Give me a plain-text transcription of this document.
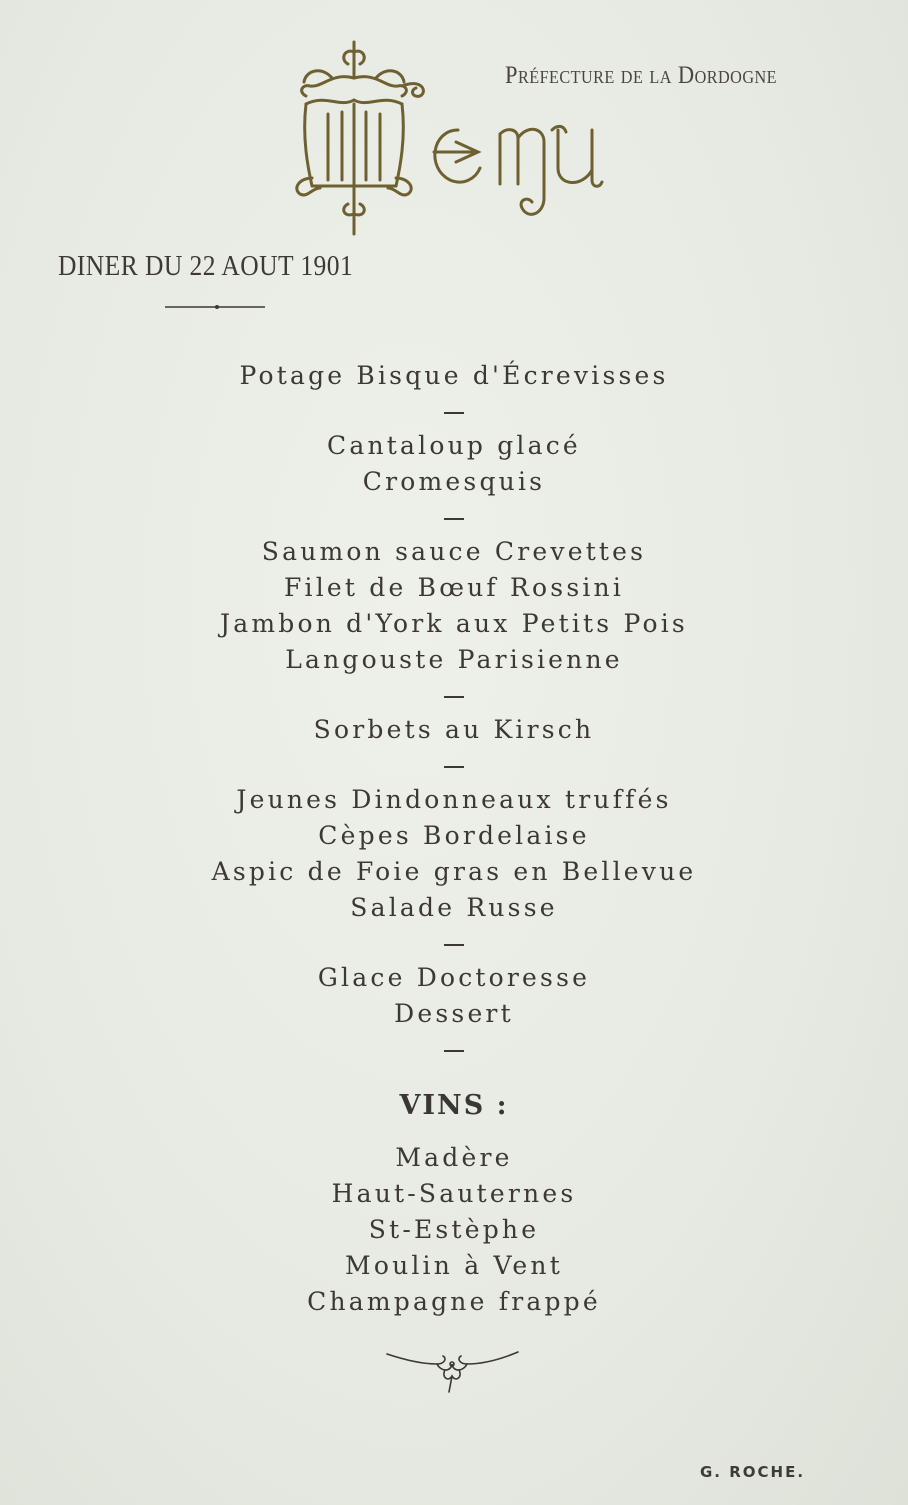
Préfecture de la Dordogne
DINER DU 22 AOUT 1901
Potage Bisque d'Écrevisses
Cantaloup glacé
Cromesquis
Saumon sauce Crevettes
Filet de Bœuf Rossini
Jambon d'York aux Petits Pois
Langouste Parisienne
Sorbets au Kirsch
Jeunes Dindonneaux truffés
Cèpes Bordelaise
Aspic de Foie gras en Bellevue
Salade Russe
Glace Doctoresse
Dessert
VINS :
Madère
Haut-Sauternes
St-Estèphe
Moulin à Vent
Champagne frappé
G. ROCHE.
